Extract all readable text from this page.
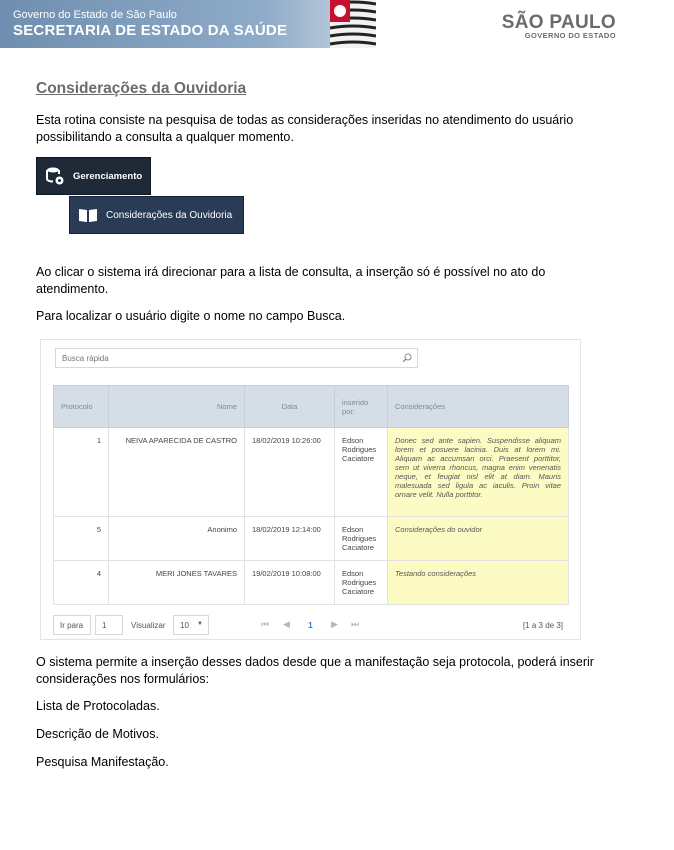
Governo do Estado de São Paulo
SECRETARIA DE ESTADO DA SAÚDE	SÃO PAULO
GOVERNO DO ESTADO
Considerações da Ouvidoria
Esta rotina consiste na pesquisa de todas as considerações inseridas no atendimento do usuário possibilitando a consulta a qualquer momento.
Gerenciamento
Considerações da Ouvidoria
Ao clicar o sistema irá direcionar para a lista de consulta, a inserção só é possível no ato do atendimento.
Para localizar o usuário digite o nome no campo Busca.
Busca rápida
Protocolo	Nome	Data	inserido por:	Considerações
1	NEIVA APARECIDA DE CASTRO	18/02/2019 10:26:00	Edson Rodrigues Caciatore	Donec sed ante sapien. Suspendisse aliquam lorem et posuere lacinia. Duis at lorem mi. Aliquam ac accumsan orci. Praesent porttitor, sem ut viverra rhoncus, magna enim venenatis neque, et feugiat nisl elit at diam. Mauris malesuada sed ligula ac iaculis. Proin vitae ornare velit. Nulla porttitor.
5	Anonimo	18/02/2019 12:14:00	Edson Rodrigues Caciatore	Considerações do ouvidor
4	MERI JONES TAVARES	19/02/2019 10:08:00	Edson Rodrigues Caciatore	Testando considerações
Ir para	1	Visualizar	10 ▼	⏮ ◀ 1 ▶ ⏭	[1 a 3 de 3]
O sistema permite a inserção desses dados desde que a manifestação seja protocola, poderá inserir considerações nos formulários:
Lista de Protocoladas.
Descrição de Motivos.
Pesquisa Manifestação.
